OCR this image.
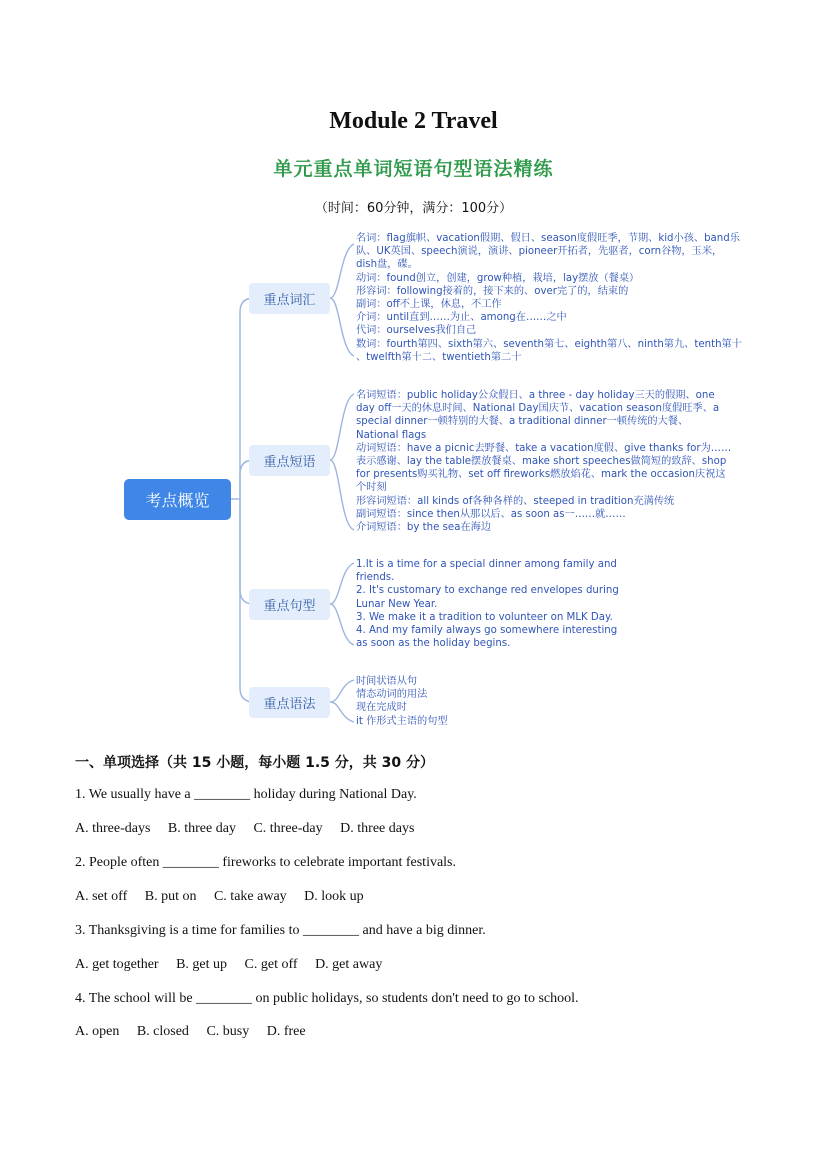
Module 2 Travel
单元重点单词短语句型语法精练
（时间：60分钟，满分：100分）
考点概览
重点词汇
重点短语
重点句型
重点语法
名词：flag旗帜、vacation假期、假日、season度假旺季，节期、kid小孩、band乐
队、UK英国、speech演说，演讲、pioneer开拓者，先驱者，corn谷物，玉米，
dish盘，碟。
动词：found创立，创建，grow种植，栽培，lay摆放（餐桌）
形容词：following接着的，接下来的、over完了的，结束的
副词：off不上课，休息，不工作
介词：until直到……为止、among在……之中
代词：ourselves我们自己
数词：fourth第四、sixth第六、seventh第七、eighth第八、ninth第九、tenth第十
、twelfth第十二、twentieth第二十
名词短语：public holiday公众假日、a three - day holiday三天的假期、one
day off一天的休息时间、National Day国庆节、vacation season度假旺季、a
special dinner一顿特别的大餐、a traditional dinner一顿传统的大餐、
National flags
动词短语：have a picnic去野餐、take a vacation度假、give thanks for为……
表示感谢、lay the table摆放餐桌、make short speeches做简短的致辞、shop
for presents购买礼物、set off fireworks燃放焰花、mark the occasion庆祝这
个时刻
形容词短语：all kinds of各种各样的、steeped in tradition充满传统
副词短语：since then从那以后、as soon as一……就……
介词短语：by the sea在海边
1.It is a time for a special dinner among family and
friends.
2. It's customary to exchange red envelopes during
Lunar New Year.
3. We make it a tradition to volunteer on MLK Day.
4. And my family always go somewhere interesting
as soon as the holiday begins.
时间状语从句
情态动词的用法
现在完成时
it 作形式主语的句型
一、单项选择（共 15 小题，每小题 1.5 分，共 30 分）
1. We usually have a ________ holiday during National Day.
A. three-days B. three day C. three-day D. three days
2. People often ________ fireworks to celebrate important festivals.
A. set off B. put on C. take away D. look up
3. Thanksgiving is a time for families to ________ and have a big dinner.
A. get together B. get up C. get off D. get away
4. The school will be ________ on public holidays, so students don't need to go to school.
A. open B. closed C. busy D. free
